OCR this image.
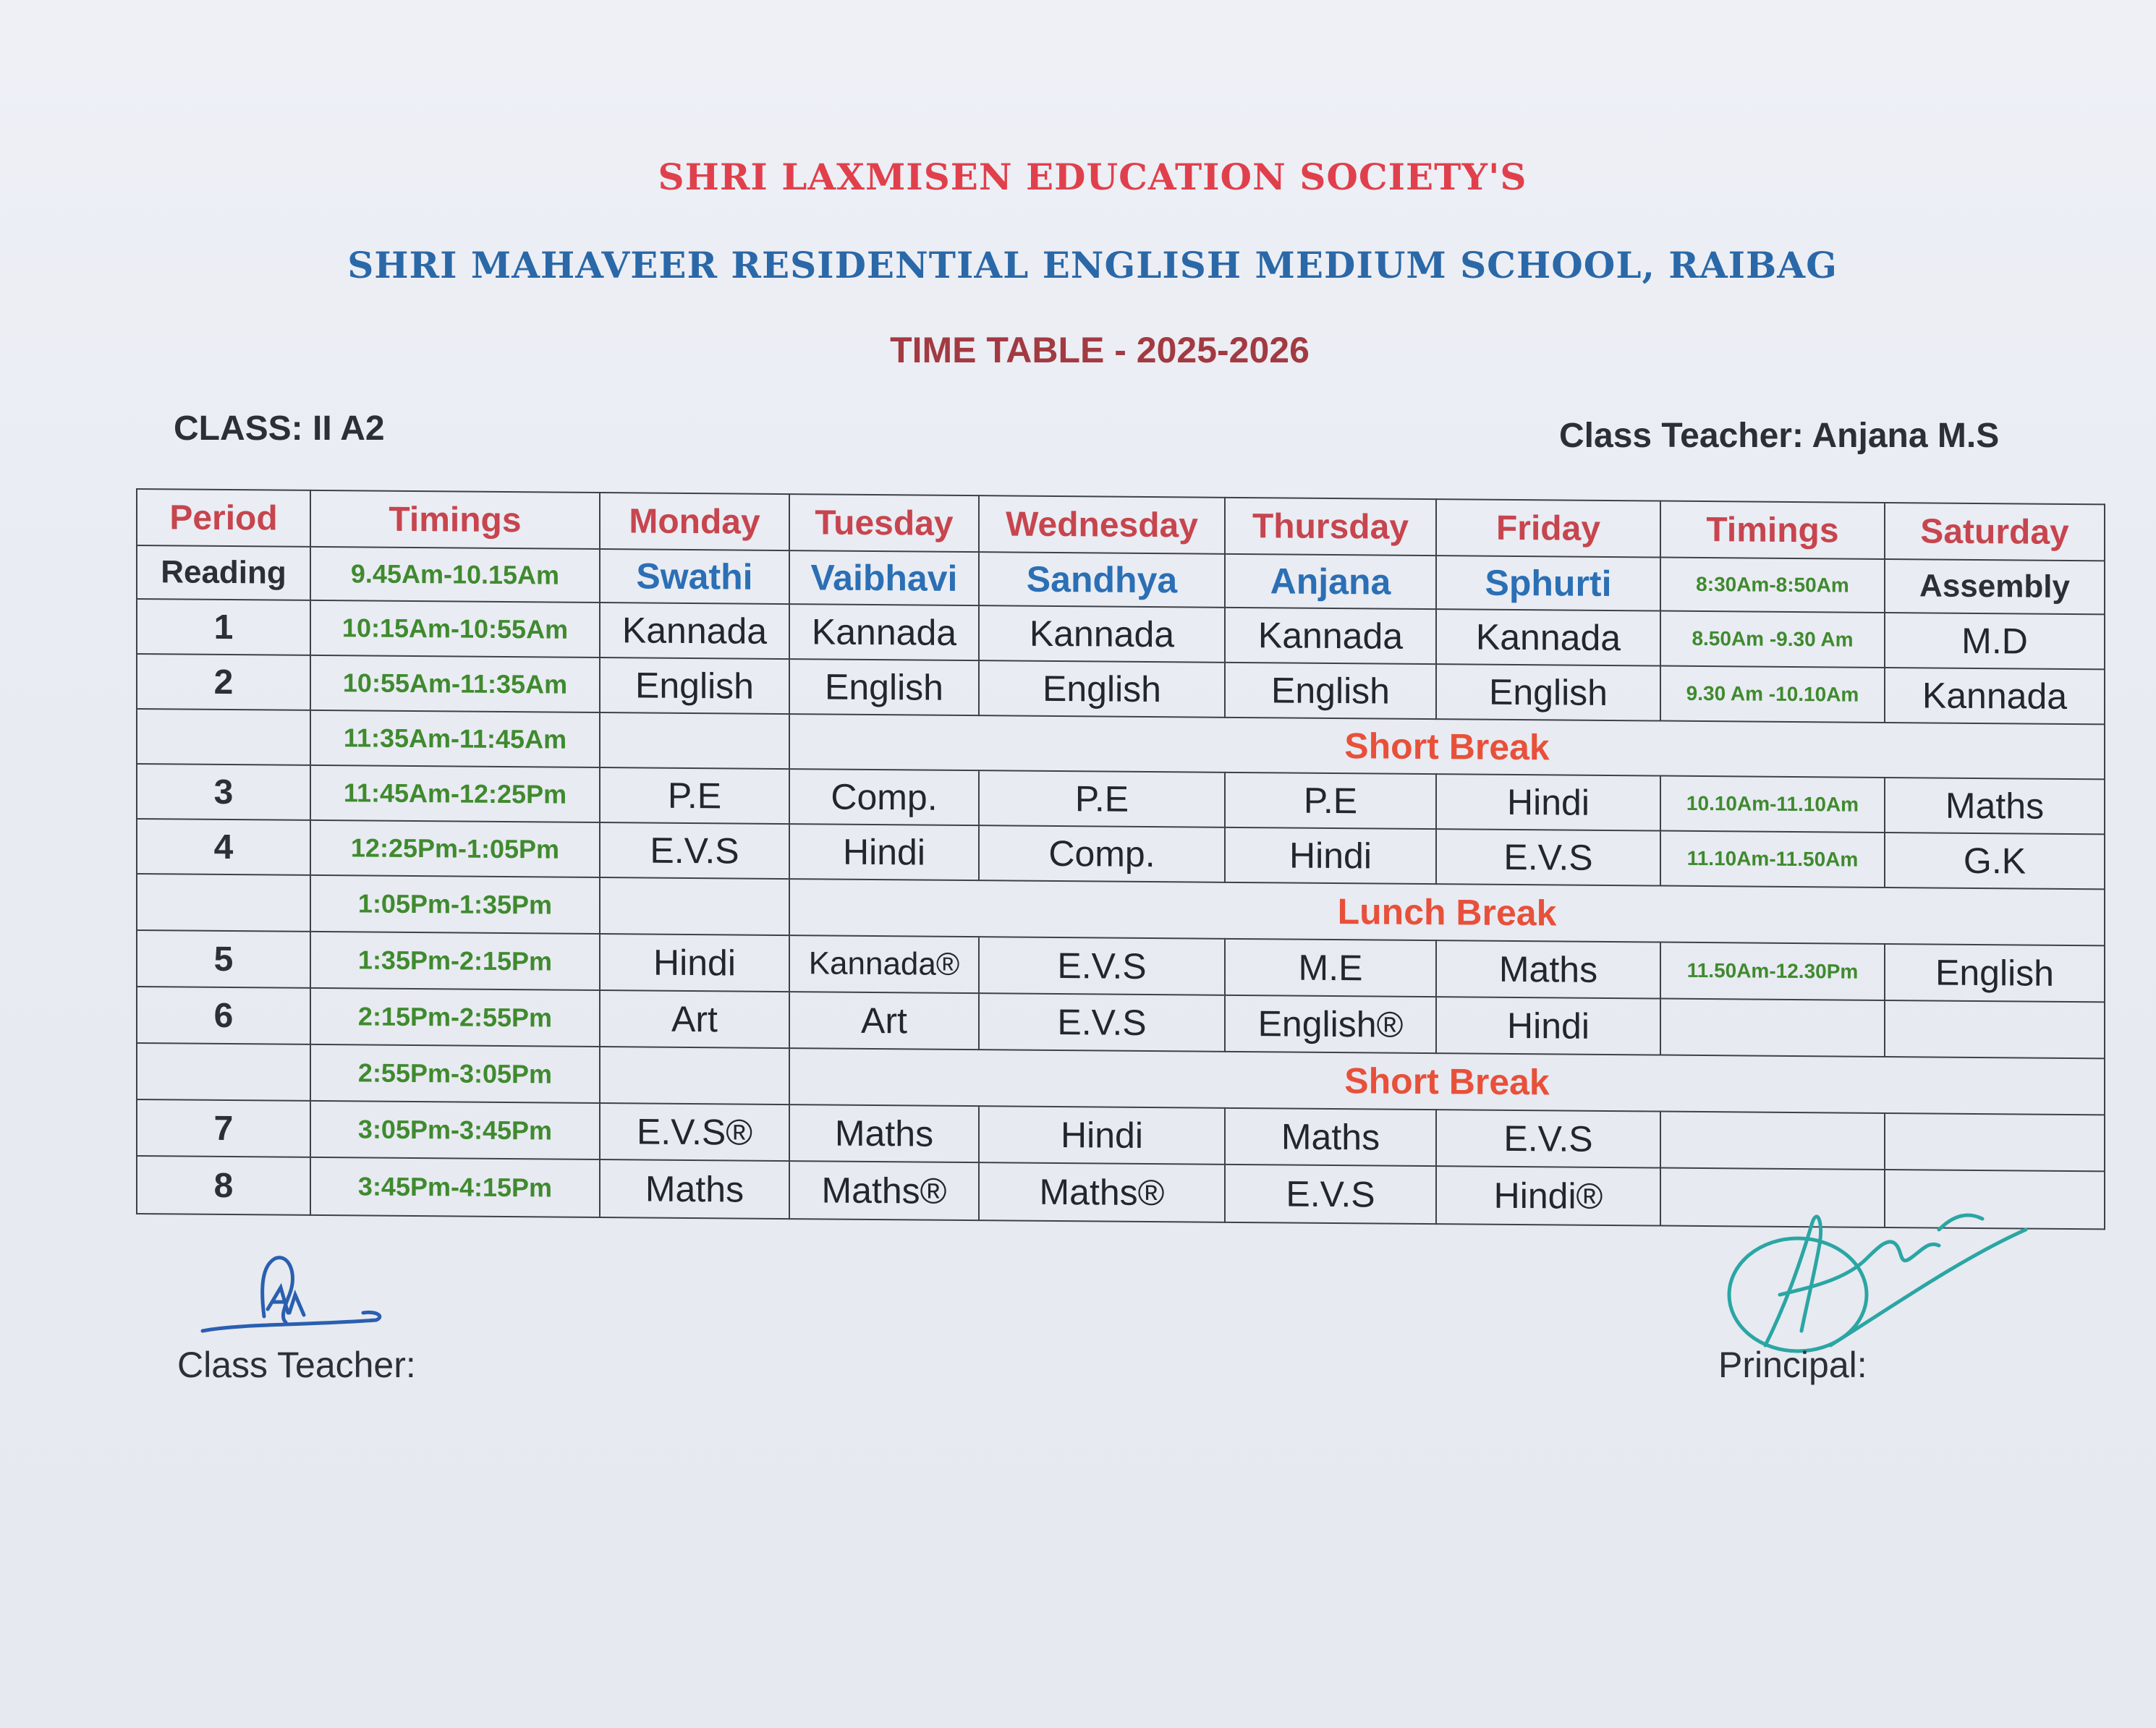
SHRI LAXMISEN EDUCATION SOCIETY'S
SHRI MAHAVEER RESIDENTIAL ENGLISH MEDIUM SCHOOL, RAIBAG
TIME TABLE - 2025-2026
CLASS: II A2	Class Teacher: Anjana M.S
Period	Timings	Monday	Tuesday	Wednesday	Thursday	Friday	Timings	Saturday
Reading	9.45Am-10.15Am	Swathi	Vaibhavi	Sandhya	Anjana	Sphurti	8:30Am-8:50Am	Assembly
1	10:15Am-10:55Am	Kannada	Kannada	Kannada	Kannada	Kannada	8.50Am -9.30 Am	M.D
2	10:55Am-11:35Am	English	English	English	English	English	9.30 Am -10.10Am	Kannada
	11:35Am-11:45Am		Short Break					
3	11:45Am-12:25Pm	P.E	Comp.	P.E	P.E	Hindi	10.10Am-11.10Am	Maths
4	12:25Pm-1:05Pm	E.V.S	Hindi	Comp.	Hindi	E.V.S	11.10Am-11.50Am	G.K
	1:05Pm-1:35Pm		Lunch Break					
5	1:35Pm-2:15Pm	Hindi	Kannada®	E.V.S	M.E	Maths	11.50Am-12.30Pm	English
6	2:15Pm-2:55Pm	Art	Art	E.V.S	English®	Hindi		
	2:55Pm-3:05Pm		Short Break					
7	3:05Pm-3:45Pm	E.V.S®	Maths	Hindi	Maths	E.V.S		
8	3:45Pm-4:15Pm	Maths	Maths®	Maths®	E.V.S	Hindi®		
Class Teacher:	Principal:
